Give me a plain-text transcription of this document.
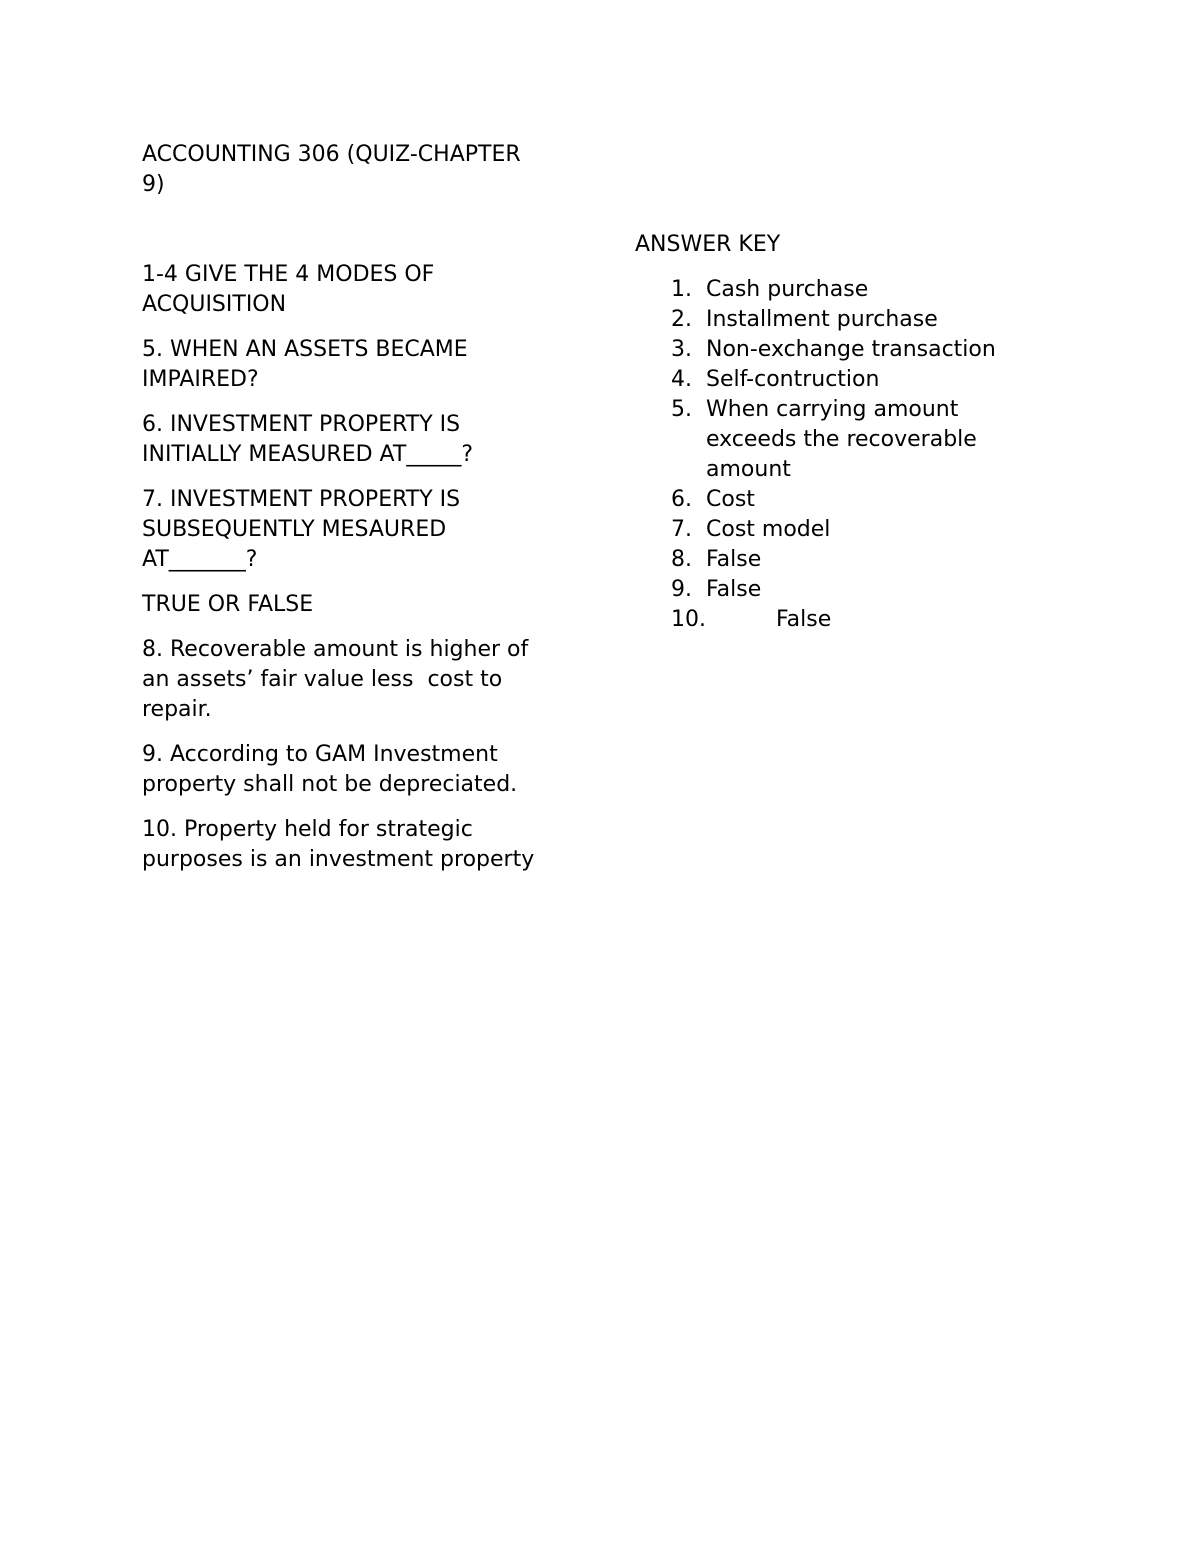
ACCOUNTING 306 (QUIZ-CHAPTER
9)
1-4 GIVE THE 4 MODES OF
ACQUISITION
5. WHEN AN ASSETS BECAME
IMPAIRED?
6. INVESTMENT PROPERTY IS
INITIALLY MEASURED AT_____?
7. INVESTMENT PROPERTY IS
SUBSEQUENTLY MESAURED
AT_______?
TRUE OR FALSE
8. Recoverable amount is higher of
an assets’ fair value less  cost to
repair.
9. According to GAM Investment
property shall not be depreciated.
10. Property held for strategic
purposes is an investment property
ANSWER KEY
1. Cash purchase
2. Installment purchase
3. Non-exchange transaction
4. Self-contruction
5. When carrying amount
exceeds the recoverable
amount
6. Cost
7. Cost model
8. False
9. False
10.	False
